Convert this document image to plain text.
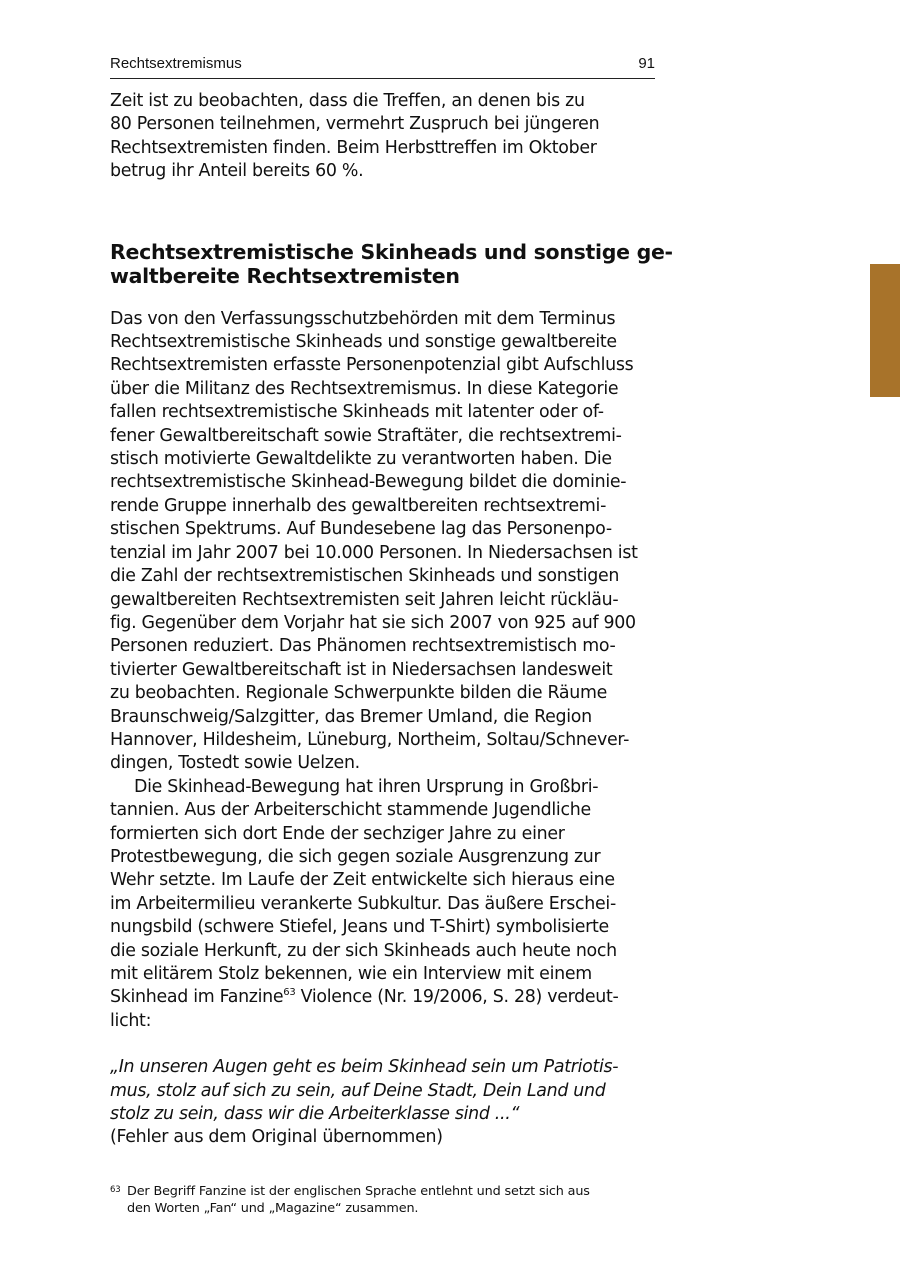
Rechtsextremismus	91

Zeit ist zu beobachten, dass die Treffen, an denen bis zu
80 Personen teilnehmen, vermehrt Zuspruch bei jüngeren
Rechtsextremisten finden. Beim Herbsttreffen im Oktober
betrug ihr Anteil bereits 60 %.

Rechtsextremistische Skinheads und sonstige ge-
waltbereite Rechtsextremisten

Das von den Verfassungsschutzbehörden mit dem Terminus
Rechtsextremistische Skinheads und sonstige gewaltbereite
Rechtsextremisten erfasste Personenpotenzial gibt Aufschluss
über die Militanz des Rechtsextremismus. In diese Kategorie
fallen rechtsextremistische Skinheads mit latenter oder of-
fener Gewaltbereitschaft sowie Straftäter, die rechtsextremi-
stisch motivierte Gewaltdelikte zu verantworten haben. Die
rechtsextremistische Skinhead-Bewegung bildet die dominie-
rende Gruppe innerhalb des gewaltbereiten rechtsextremi-
stischen Spektrums. Auf Bundesebene lag das Personenpo-
tenzial im Jahr 2007 bei 10.000 Personen. In Niedersachsen ist
die Zahl der rechtsextremistischen Skinheads und sonstigen
gewaltbereiten Rechtsextremisten seit Jahren leicht rückläu-
fig. Gegenüber dem Vorjahr hat sie sich 2007 von 925 auf 900
Personen reduziert. Das Phänomen rechtsextremistisch mo-
tivierter Gewaltbereitschaft ist in Niedersachsen landesweit
zu beobachten. Regionale Schwerpunkte bilden die Räume
Braunschweig/Salzgitter, das Bremer Umland, die Region
Hannover, Hildesheim, Lüneburg, Northeim, Soltau/Schnever-
dingen, Tostedt sowie Uelzen.

Die Skinhead-Bewegung hat ihren Ursprung in Großbri-
tannien. Aus der Arbeiterschicht stammende Jugendliche
formierten sich dort Ende der sechziger Jahre zu einer
Protestbewegung, die sich gegen soziale Ausgrenzung zur
Wehr setzte. Im Laufe der Zeit entwickelte sich hieraus eine
im Arbeitermilieu verankerte Subkultur. Das äußere Erschei-
nungsbild (schwere Stiefel, Jeans und T-Shirt) symbolisierte
die soziale Herkunft, zu der sich Skinheads auch heute noch
mit elitärem Stolz bekennen, wie ein Interview mit einem
Skinhead im Fanzine$^{63}$ Violence (Nr. 19/2006, S. 28) verdeut-
licht:

„In unseren Augen geht es beim Skinhead sein um Patriotis-
mus, stolz auf sich zu sein, auf Deine Stadt, Dein Land und
stolz zu sein, dass wir die Arbeiterklasse sind ...“

(Fehler aus dem Original übernommen)

63 Der Begriff Fanzine ist der englischen Sprache entlehnt und setzt sich aus
den Worten „Fan“ und „Magazine“ zusammen.
